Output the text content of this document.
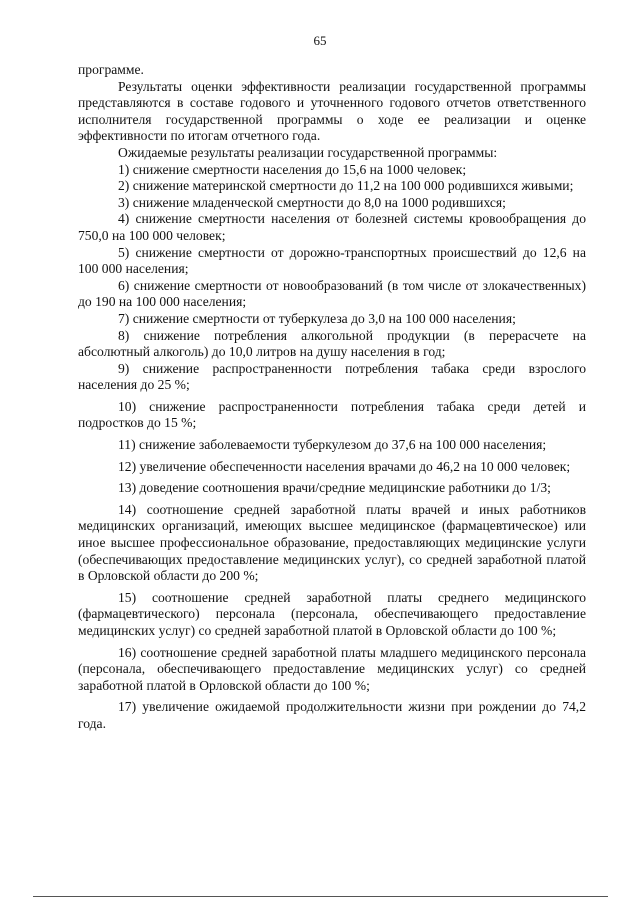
65

программе.

Результаты оценки эффективности реализации государственной программы представляются в составе годового и уточненного годового отчетов ответственного исполнителя государственной программы о ходе ее реализации и оценке эффективности по итогам отчетного года.

Ожидаемые результаты реализации государственной программы:

1) снижение смертности населения до 15,6 на 1000 человек;

2) снижение материнской смертности до 11,2 на 100 000 родившихся живыми;

3) снижение младенческой смертности до 8,0 на 1000 родившихся;

4) снижение смертности населения от болезней системы кровообращения до 750,0 на 100 000 человек;

5) снижение смертности от дорожно-транспортных происшествий до 12,6 на 100 000 населения;

6) снижение смертности от новообразований (в том числе от злокачественных) до 190 на 100 000 населения;

7) снижение смертности от туберкулеза до 3,0 на 100 000 населения;

8) снижение потребления алкогольной продукции (в перерасчете на абсолютный алкоголь) до 10,0 литров на душу населения в год;

9) снижение распространенности потребления табака среди взрослого населения до 25 %;

10) снижение распространенности потребления табака среди детей и подростков до 15 %;

11) снижение заболеваемости туберкулезом до 37,6 на 100 000 населения;

12) увеличение обеспеченности населения врачами до 46,2 на 10 000 человек;

13) доведение соотношения врачи/средние медицинские работники до 1/3;

14) соотношение средней заработной платы врачей и иных работников медицинских организаций, имеющих высшее медицинское (фармацевтическое) или иное высшее профессиональное образование, предоставляющих медицинские услуги (обеспечивающих предоставление медицинских услуг), со средней заработной платой в Орловской области до 200 %;

15) соотношение средней заработной платы среднего медицинского (фармацевтического) персонала (персонала, обеспечивающего предоставление медицинских услуг) со средней заработной платой в Орловской области до 100 %;

16) соотношение средней заработной платы младшего медицинского персонала (персонала, обеспечивающего предоставление медицинских услуг) со средней заработной платой в Орловской области до 100 %;

17) увеличение ожидаемой продолжительности жизни при рождении до 74,2 года.
